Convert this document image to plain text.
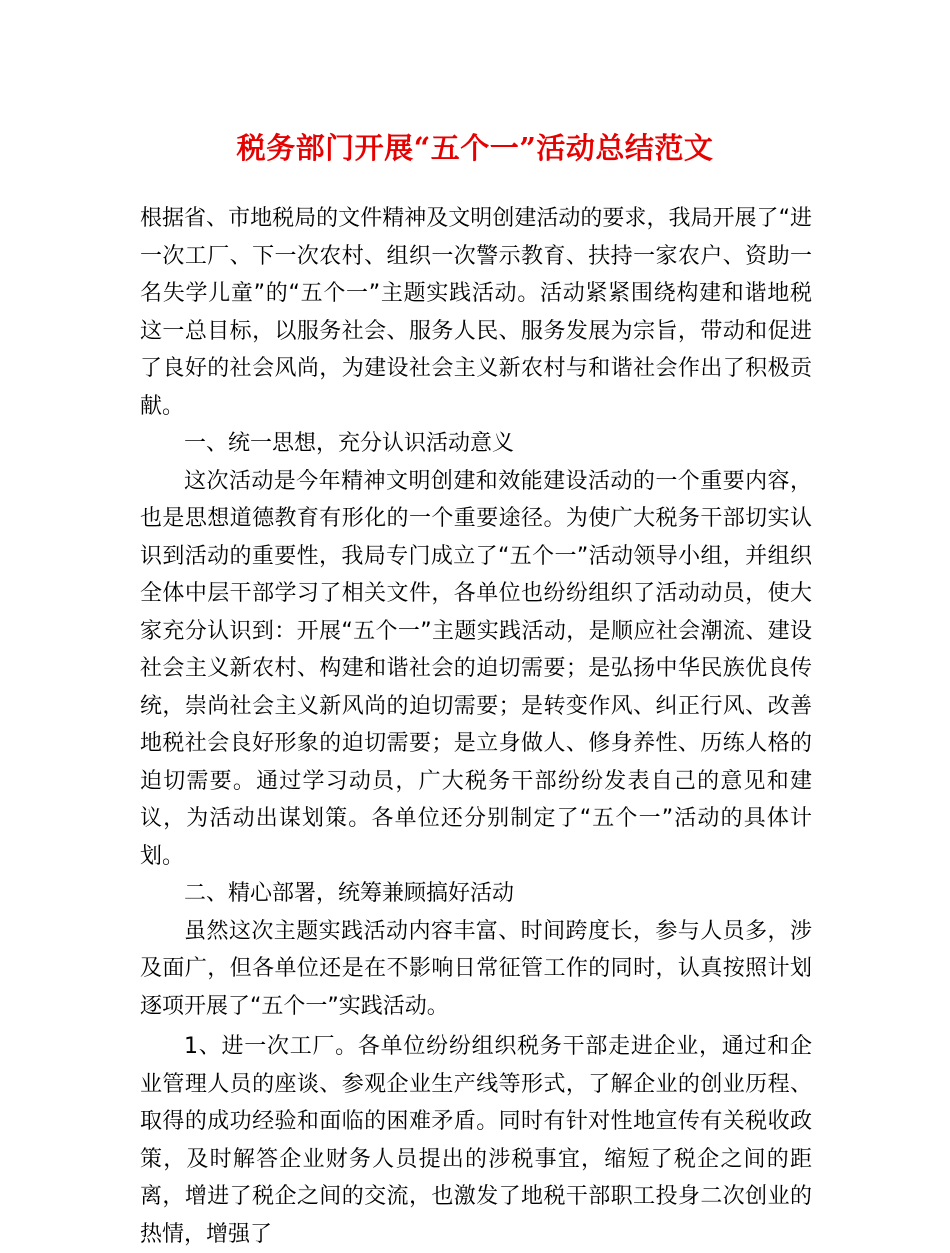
税务部门开展“五个一”活动总结范文

根据省、市地税局的文件精神及文明创建活动的要求，我局开展了“进一次工厂、下一次农村、组织一次警示教育、扶持一家农户、资助一名失学儿童”的“五个一”主题实践活动。活动紧紧围绕构建和谐地税这一总目标，以服务社会、服务人民、服务发展为宗旨，带动和促进了良好的社会风尚，为建设社会主义新农村与和谐社会作出了积极贡献。

一、统一思想，充分认识活动意义

这次活动是今年精神文明创建和效能建设活动的一个重要内容，也是思想道德教育有形化的一个重要途径。为使广大税务干部切实认识到活动的重要性，我局专门成立了“五个一”活动领导小组，并组织全体中层干部学习了相关文件，各单位也纷纷组织了活动动员，使大家充分认识到：开展“五个一”主题实践活动，是顺应社会潮流、建设社会主义新农村、构建和谐社会的迫切需要；是弘扬中华民族优良传统，崇尚社会主义新风尚的迫切需要；是转变作风、纠正行风、改善地税社会良好形象的迫切需要；是立身做人、修身养性、历练人格的迫切需要。通过学习动员，广大税务干部纷纷发表自己的意见和建议，为活动出谋划策。各单位还分别制定了“五个一”活动的具体计划。

二、精心部署，统筹兼顾搞好活动

虽然这次主题实践活动内容丰富、时间跨度长，参与人员多，涉及面广，但各单位还是在不影响日常征管工作的同时，认真按照计划逐项开展了“五个一”实践活动。

1、进一次工厂。各单位纷纷组织税务干部走进企业，通过和企业管理人员的座谈、参观企业生产线等形式，了解企业的创业历程、取得的成功经验和面临的困难矛盾。同时有针对性地宣传有关税收政策，及时解答企业财务人员提出的涉税事宜，缩短了税企之间的距离，增进了税企之间的交流，也激发了地税干部职工投身二次创业的热情，增强了
